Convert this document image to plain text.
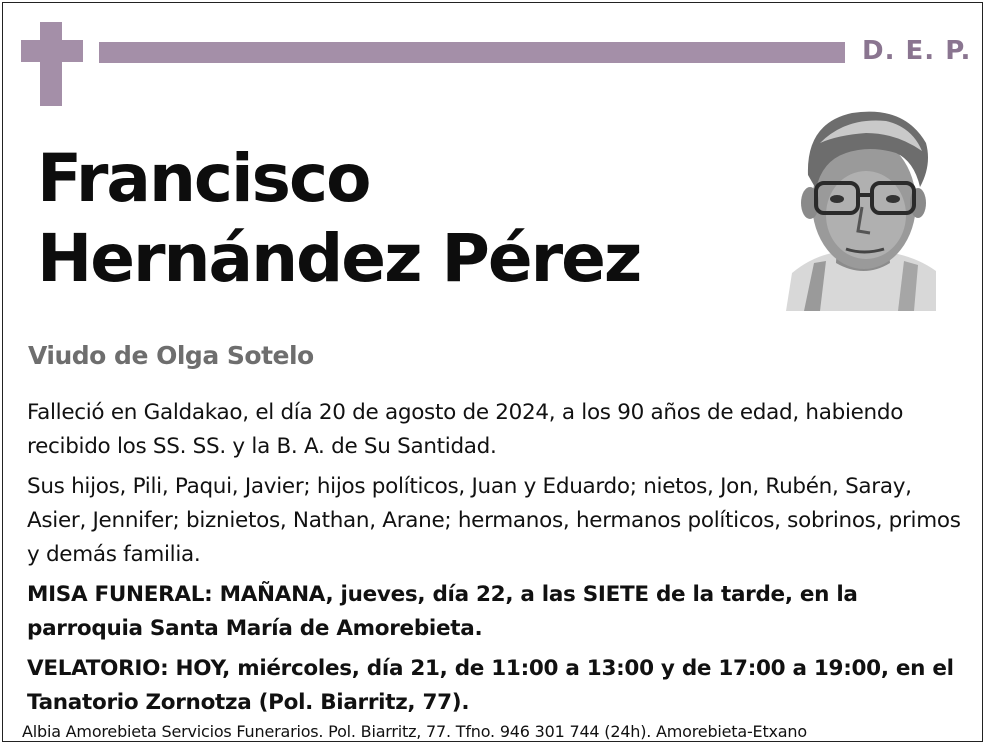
D. E. P.
Francisco
Hernández Pérez
Viudo de Olga Sotelo

Falleció en Galdakao, el día 20 de agosto de 2024, a los 90 años de edad, habiendo recibido los SS. SS. y la B. A. de Su Santidad.

Sus hijos, Pili, Paqui, Javier; hijos políticos, Juan y Eduardo; nietos, Jon, Rubén, Saray, Asier, Jennifer; biznietos, Nathan, Arane; hermanos, hermanos políticos, sobrinos, primos y demás familia.

MISA FUNERAL: MAÑANA, jueves, día 22, a las SIETE de la tarde, en la parroquia Santa María de Amorebieta.

VELATORIO: HOY, miércoles, día 21, de 11:00 a 13:00 y de 17:00 a 19:00, en el Tanatorio Zornotza (Pol. Biarritz, 77).

Albia Amorebieta Servicios Funerarios. Pol. Biarritz, 77. Tfno. 946 301 744 (24h). Amorebieta-Etxano
